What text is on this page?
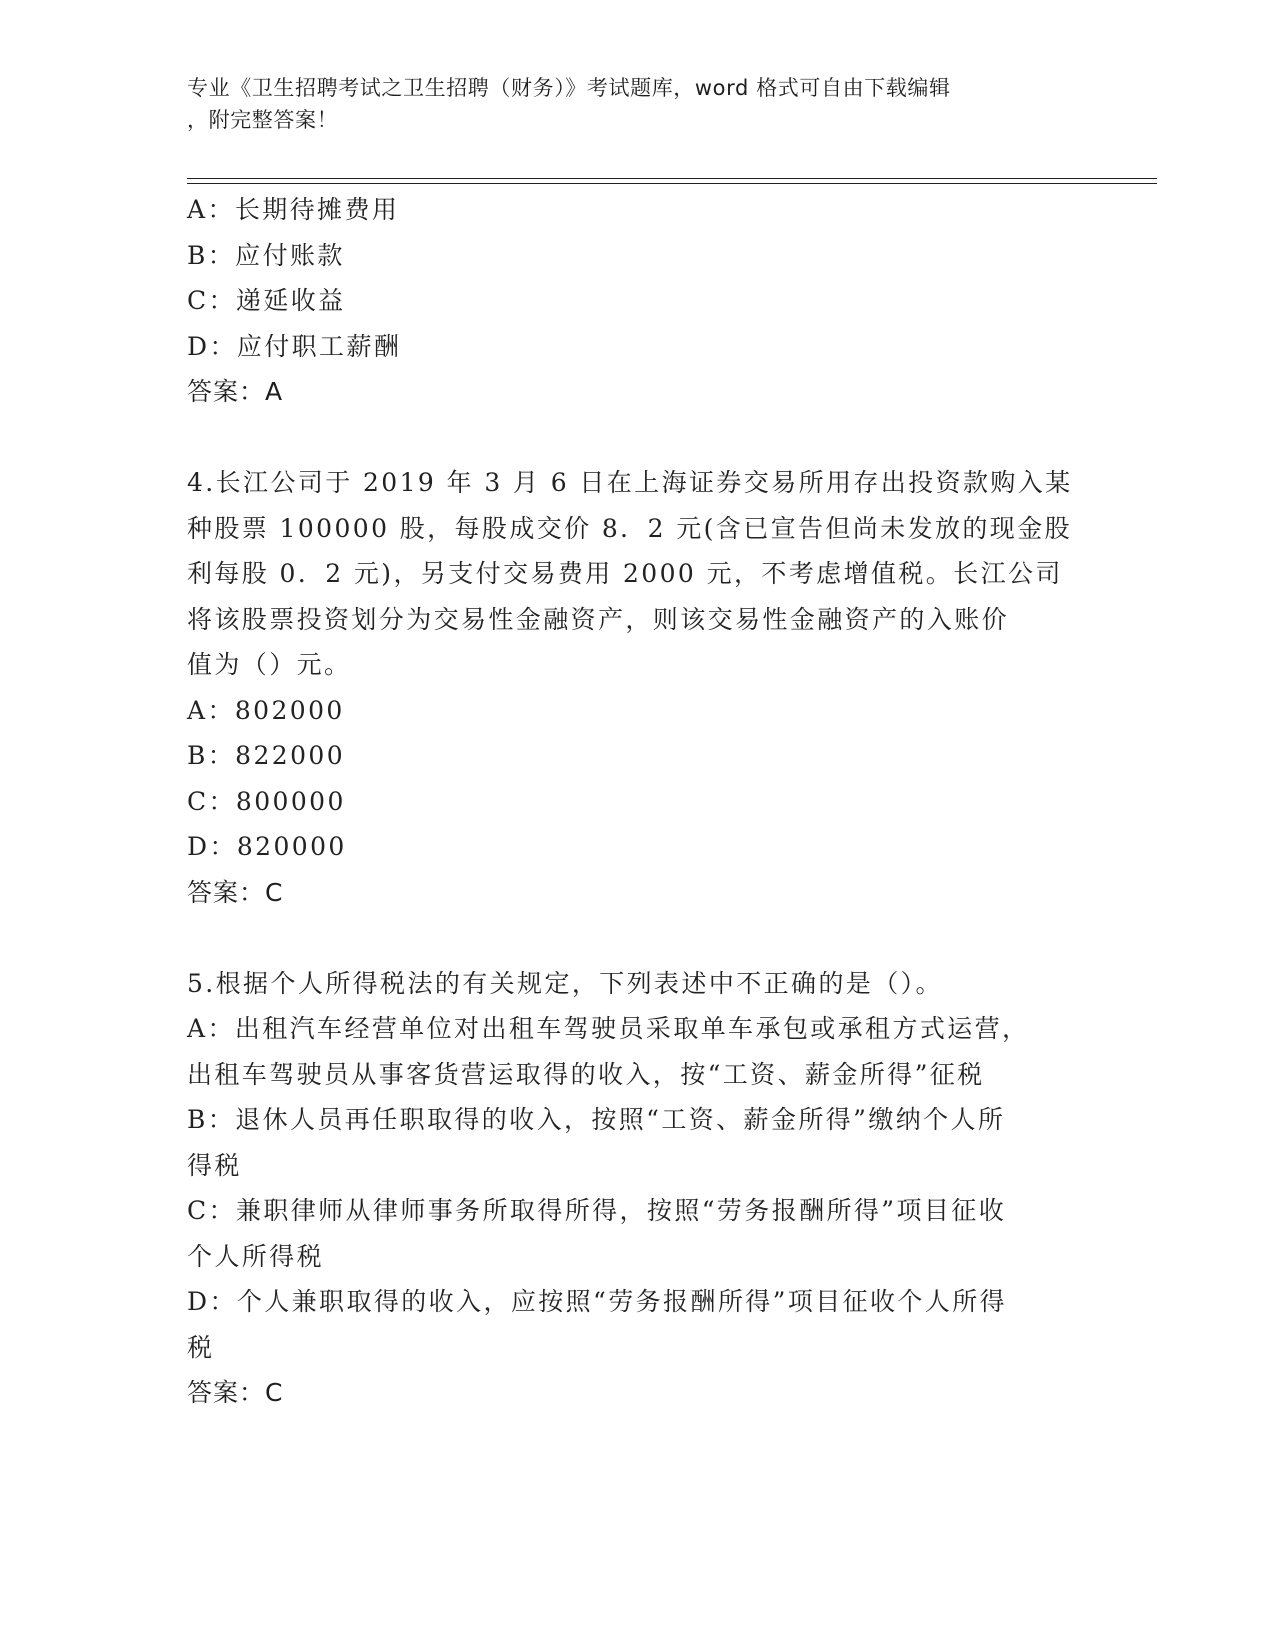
专业《卫生招聘考试之卫生招聘（财务）》考试题库，word 格式可自由下载编辑
，附完整答案！
A：长期待摊费用
B：应付账款
C：递延收益
D：应付职工薪酬
答案：A
4.长江公司于 2019 年 3 月 6 日在上海证券交易所用存出投资款购入某
种股票 100000 股，每股成交价 8．2 元(含已宣告但尚未发放的现金股
利每股 0．2 元)，另支付交易费用 2000 元，不考虑增值税。长江公司
将该股票投资划分为交易性金融资产，则该交易性金融资产的入账价
值为（）元。
A：802000
B：822000
C：800000
D：820000
答案：C
5.根据个人所得税法的有关规定，下列表述中不正确的是（）。
A：出租汽车经营单位对出租车驾驶员采取单车承包或承租方式运营，
出租车驾驶员从事客货营运取得的收入，按“工资、薪金所得”征税
B：退休人员再任职取得的收入，按照“工资、薪金所得”缴纳个人所
得税
C：兼职律师从律师事务所取得所得，按照“劳务报酬所得”项目征收
个人所得税
D：个人兼职取得的收入，应按照“劳务报酬所得”项目征收个人所得
税
答案：C
